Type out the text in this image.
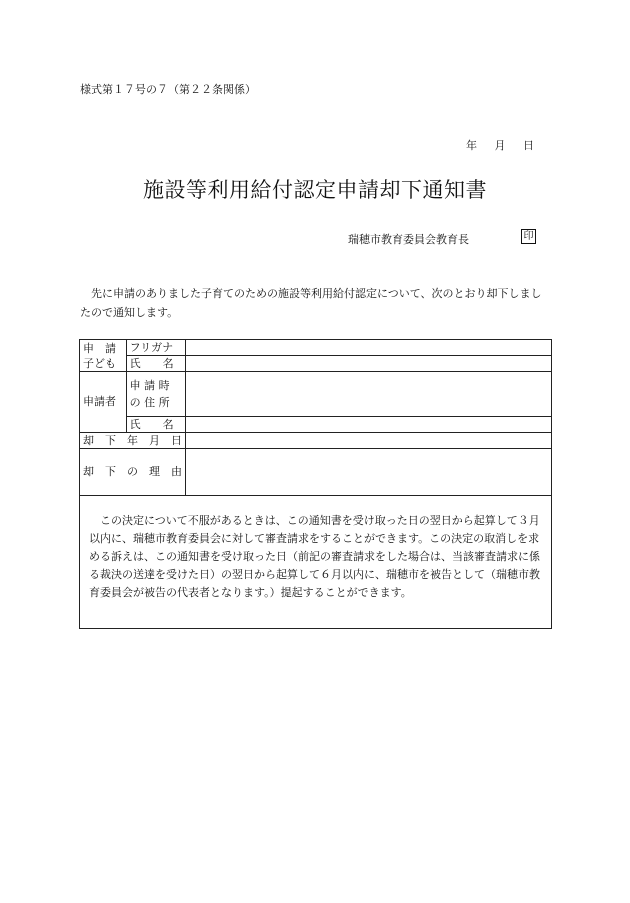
様式第１７号の７（第２２条関係）
年 月 日
施設等利用給付認定申請却下通知書
瑞穂市教育委員会教育長	印
　先に申請のありました子育てのための施設等利用給付認定について、次のとおり却下しましたので通知します。
申　請
子ども	フリガナ	
	氏　　名	
申請者	申 請 時
の 住 所	

	氏　　名	
却　下　年　月　日		
却　下　の　理　由		
　この決定について不服があるときは、この通知書を受け取った日の翌日から起算して３月以内に、瑞穂市教育委員会に対して審査請求をすることができます。この決定の取消しを求める訴えは、この通知書を受け取った日（前記の審査請求をした場合は、当該審査請求に係る裁決の送達を受けた日）の翌日から起算して６月以内に、瑞穂市を被告として（瑞穂市教育委員会が被告の代表者となります。）提起することができます。
